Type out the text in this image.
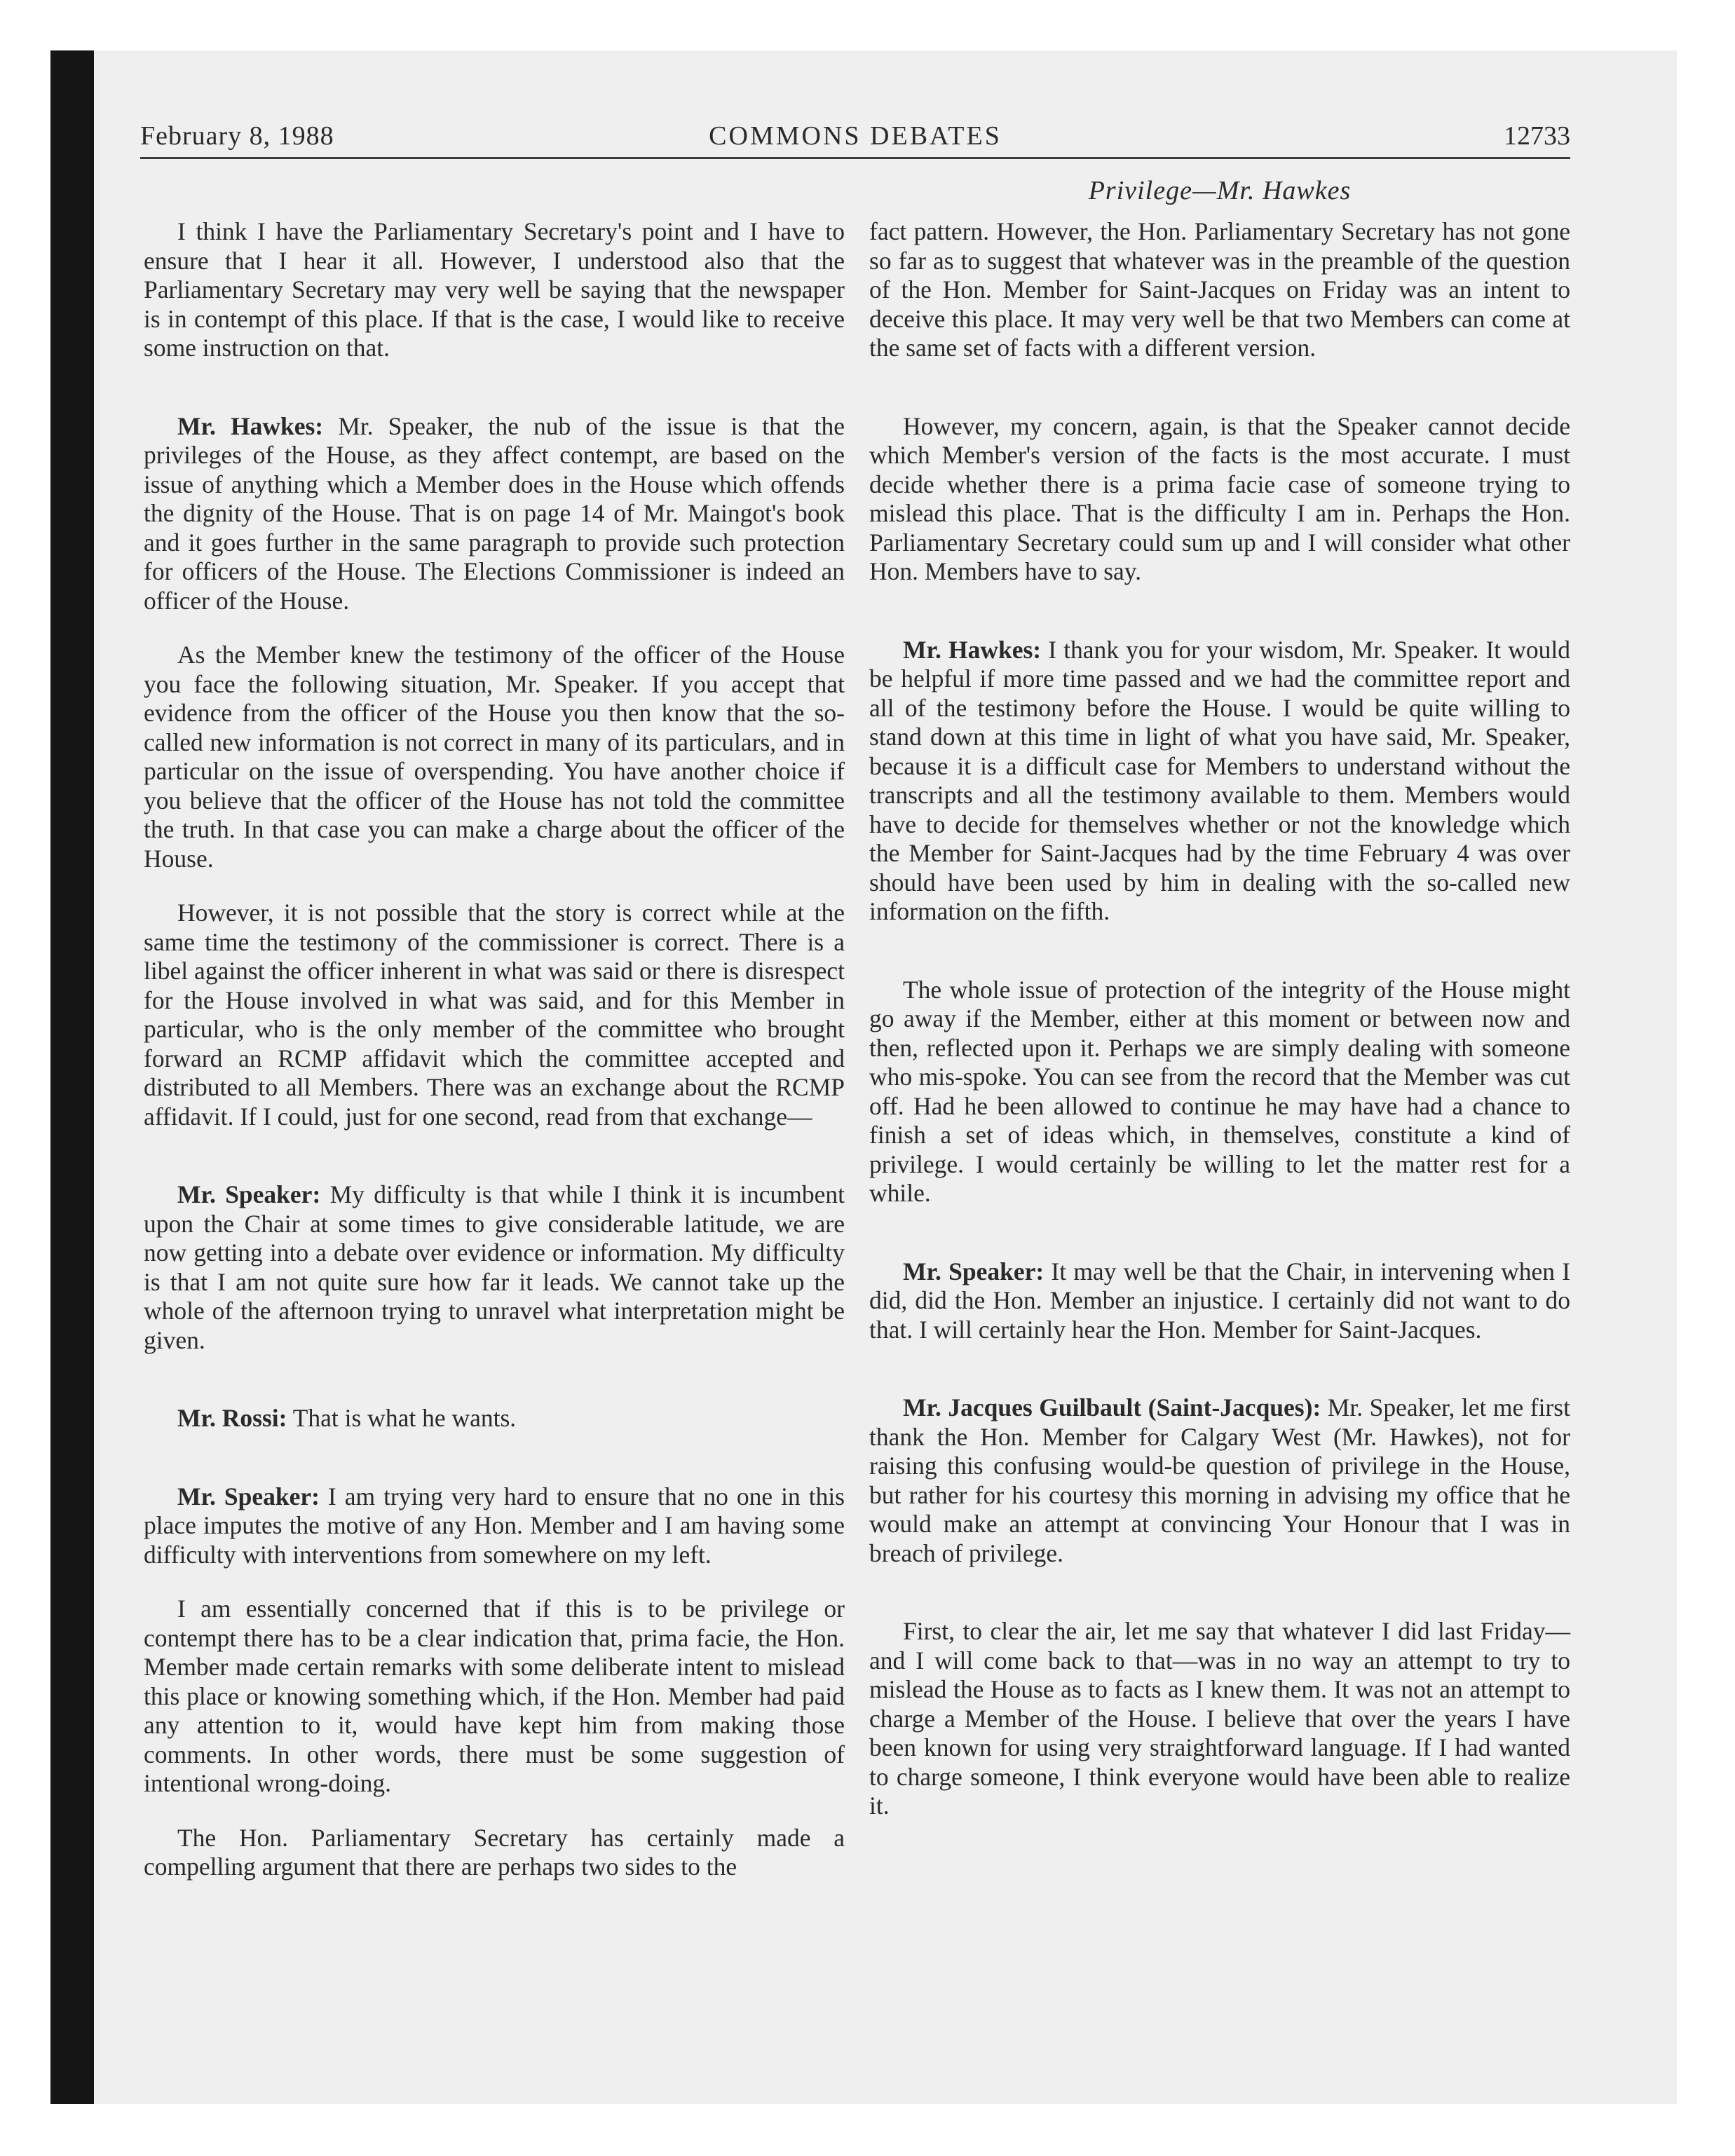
February 8, 1988	COMMONS DEBATES	12733
Privilege—Mr. Hawkes

I think I have the Parliamentary Secretary's point and I have to ensure that I hear it all. However, I understood also that the Parliamentary Secretary may very well be saying that the newspaper is in contempt of this place. If that is the case, I would like to receive some instruction on that.

Mr. Hawkes: Mr. Speaker, the nub of the issue is that the privileges of the House, as they affect contempt, are based on the issue of anything which a Member does in the House which offends the dignity of the House. That is on page 14 of Mr. Maingot's book and it goes further in the same paragraph to provide such protection for officers of the House. The Elections Commissioner is indeed an officer of the House.

As the Member knew the testimony of the officer of the House you face the following situation, Mr. Speaker. If you accept that evidence from the officer of the House you then know that the so-called new information is not correct in many of its particulars, and in particular on the issue of overspending. You have another choice if you believe that the officer of the House has not told the committee the truth. In that case you can make a charge about the officer of the House.

However, it is not possible that the story is correct while at the same time the testimony of the commissioner is correct. There is a libel against the officer inherent in what was said or there is disrespect for the House involved in what was said, and for this Member in particular, who is the only member of the committee who brought forward an RCMP affidavit which the committee accepted and distributed to all Members. There was an exchange about the RCMP affidavit. If I could, just for one second, read from that exchange—

Mr. Speaker: My difficulty is that while I think it is incumbent upon the Chair at some times to give considerable latitude, we are now getting into a debate over evidence or information. My difficulty is that I am not quite sure how far it leads. We cannot take up the whole of the afternoon trying to unravel what interpretation might be given.

Mr. Rossi: That is what he wants.

Mr. Speaker: I am trying very hard to ensure that no one in this place imputes the motive of any Hon. Member and I am having some difficulty with interventions from somewhere on my left.

I am essentially concerned that if this is to be privilege or contempt there has to be a clear indication that, prima facie, the Hon. Member made certain remarks with some deliberate intent to mislead this place or knowing something which, if the Hon. Member had paid any attention to it, would have kept him from making those comments. In other words, there must be some suggestion of intentional wrong-doing.

The Hon. Parliamentary Secretary has certainly made a compelling argument that there are perhaps two sides to the

fact pattern. However, the Hon. Parliamentary Secretary has not gone so far as to suggest that whatever was in the preamble of the question of the Hon. Member for Saint-Jacques on Friday was an intent to deceive this place. It may very well be that two Members can come at the same set of facts with a different version.

However, my concern, again, is that the Speaker cannot decide which Member's version of the facts is the most accurate. I must decide whether there is a prima facie case of someone trying to mislead this place. That is the difficulty I am in. Perhaps the Hon. Parliamentary Secretary could sum up and I will consider what other Hon. Members have to say.

Mr. Hawkes: I thank you for your wisdom, Mr. Speaker. It would be helpful if more time passed and we had the committee report and all of the testimony before the House. I would be quite willing to stand down at this time in light of what you have said, Mr. Speaker, because it is a difficult case for Members to understand without the transcripts and all the testimony available to them. Members would have to decide for themselves whether or not the knowledge which the Member for Saint-Jacques had by the time February 4 was over should have been used by him in dealing with the so-called new information on the fifth.

The whole issue of protection of the integrity of the House might go away if the Member, either at this moment or between now and then, reflected upon it. Perhaps we are simply dealing with someone who mis-spoke. You can see from the record that the Member was cut off. Had he been allowed to continue he may have had a chance to finish a set of ideas which, in themselves, constitute a kind of privilege. I would certainly be willing to let the matter rest for a while.

Mr. Speaker: It may well be that the Chair, in intervening when I did, did the Hon. Member an injustice. I certainly did not want to do that. I will certainly hear the Hon. Member for Saint-Jacques.

Mr. Jacques Guilbault (Saint-Jacques): Mr. Speaker, let me first thank the Hon. Member for Calgary West (Mr. Hawkes), not for raising this confusing would-be question of privilege in the House, but rather for his courtesy this morning in advising my office that he would make an attempt at convincing Your Honour that I was in breach of privilege.

First, to clear the air, let me say that whatever I did last Friday—and I will come back to that—was in no way an attempt to try to mislead the House as to facts as I knew them. It was not an attempt to charge a Member of the House. I believe that over the years I have been known for using very straightforward language. If I had wanted to charge someone, I think everyone would have been able to realize it.
